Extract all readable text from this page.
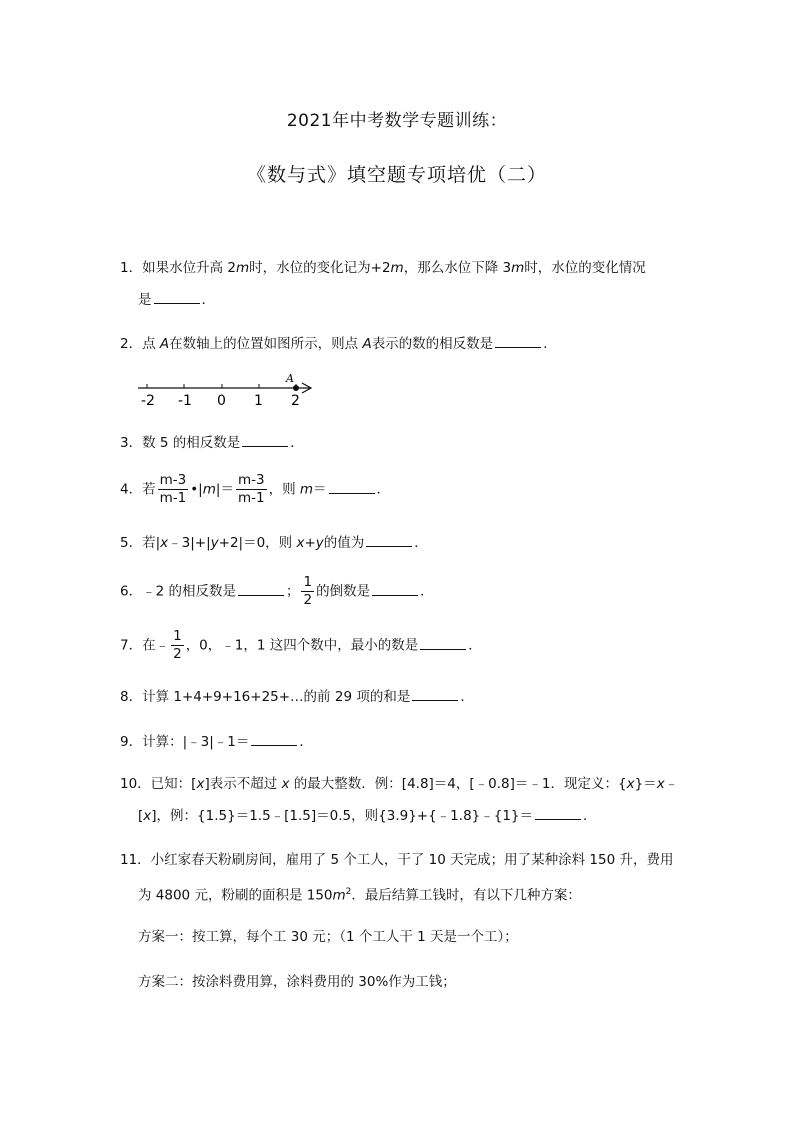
2021年中考数学专题训练：
《数与式》填空题专项培优（二）
1．如果水位升高 2m时，水位的变化记为+2m，那么水位下降 3m时，水位的变化情况
是	．
2．点 A在数轴上的位置如图所示，则点 A表示的数的相反数是	．
A
-2 -1 0 1 2
3．数 5 的相反数是	．
4．若 $\frac{m-3}{m-1}$ •|m|＝ $\frac{m-3}{m-1}$ ，则 m＝	．
5．若|x﹣3|+|y+2|＝0，则 x+y的值为	．
6．﹣2 的相反数是	； $\frac{1}{2}$ 的倒数是	．
7．在﹣ $\frac{1}{2}$ ，0，﹣1，1 这四个数中，最小的数是	．
8．计算 1+4+9+16+25+…的前 29 项的和是	．
9．计算：|﹣3|﹣1＝	．
10．已知：[x]表示不超过 x 的最大整数．例：[4.8]＝4，[﹣0.8]＝﹣1．现定义：{x}＝x﹣
[x]，例：{1.5}＝1.5﹣[1.5]＝0.5，则{3.9}+{﹣1.8}﹣{1}＝	．
11．小红家春天粉刷房间，雇用了 5 个工人，干了 10 天完成；用了某种涂料 150 升，费用
为 4800 元，粉刷的面积是 $150m^2$．最后结算工钱时，有以下几种方案：
方案一：按工算，每个工 30 元；（1 个工人干 1 天是一个工）；
方案二：按涂料费用算，涂料费用的 30%作为工钱；
